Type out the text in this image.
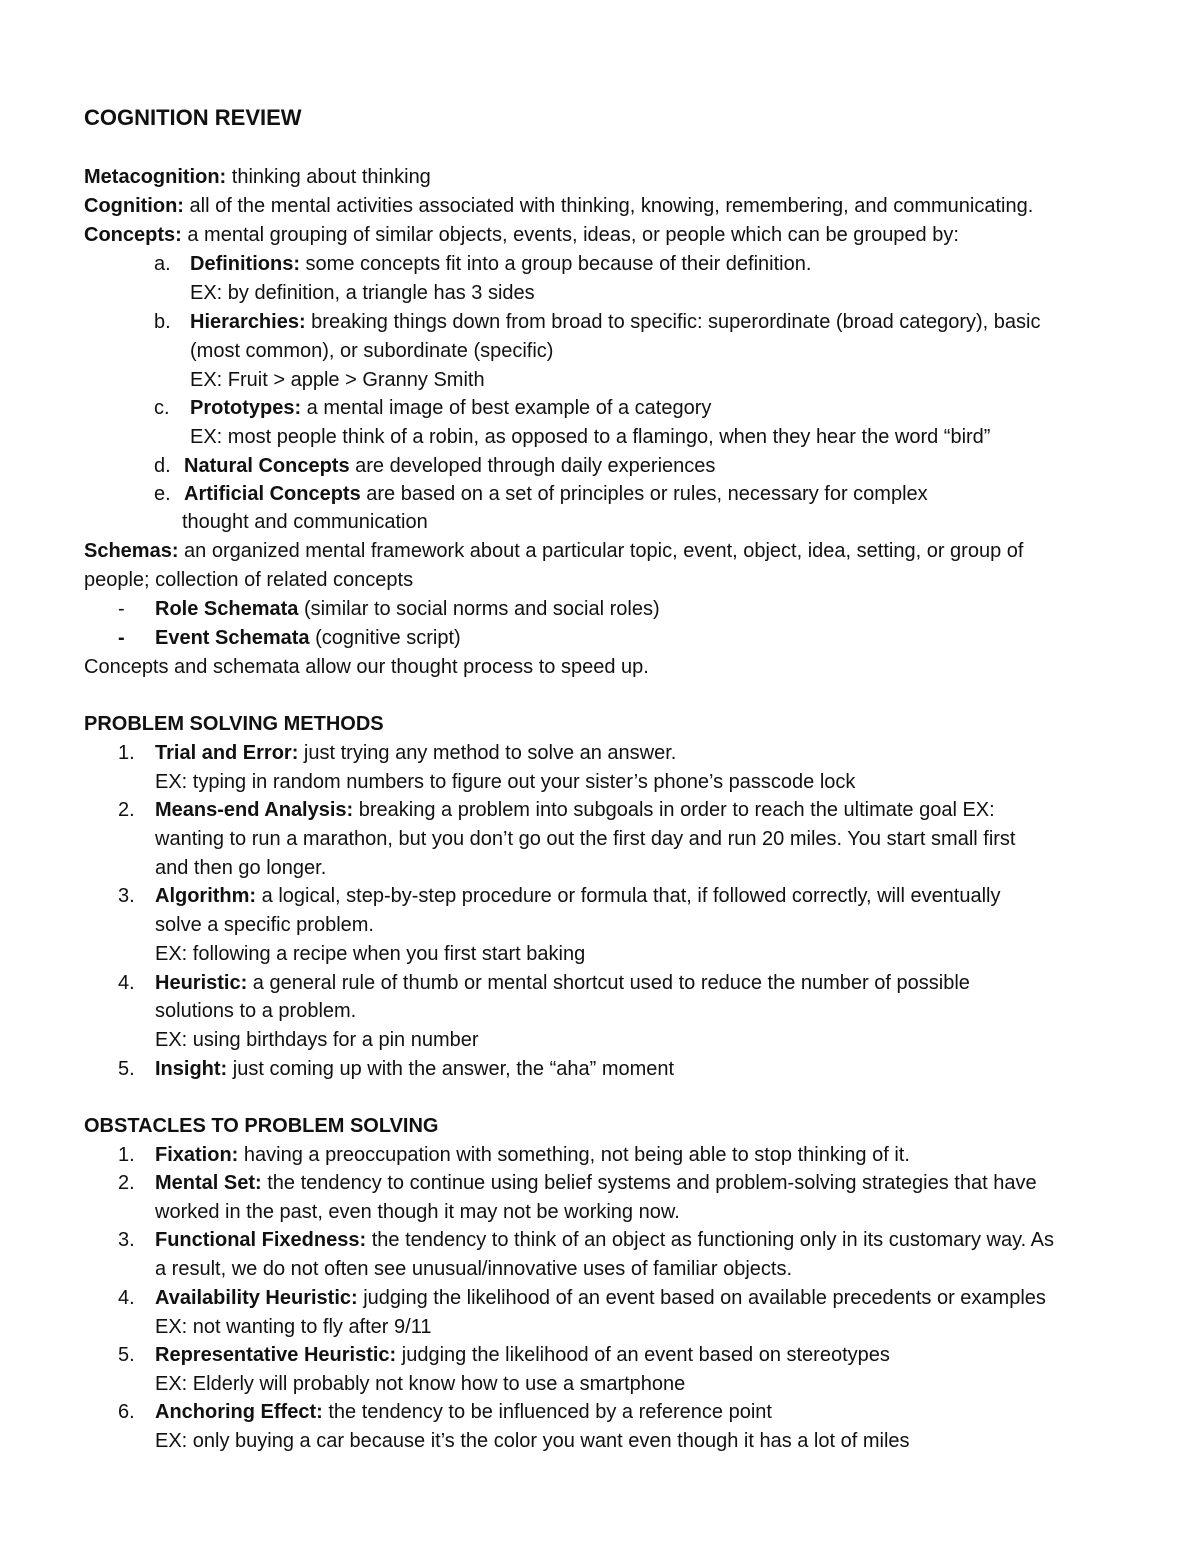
COGNITION REVIEW
Metacognition: thinking about thinking
Cognition: all of the mental activities associated with thinking, knowing, remembering, and communicating.
Concepts: a mental grouping of similar objects, events, ideas, or people which can be grouped by:
a. Definitions: some concepts fit into a group because of their definition.
EX: by definition, a triangle has 3 sides
b. Hierarchies: breaking things down from broad to specific: superordinate (broad category), basic
(most common), or subordinate (specific)
EX: Fruit > apple > Granny Smith
c. Prototypes: a mental image of best example of a category
EX: most people think of a robin, as opposed to a flamingo, when they hear the word “bird”
d. Natural Concepts are developed through daily experiences
e. Artificial Concepts are based on a set of principles or rules, necessary for complex
thought and communication
Schemas: an organized mental framework about a particular topic, event, object, idea, setting, or group of
people; collection of related concepts
- Role Schemata (similar to social norms and social roles)
- Event Schemata (cognitive script)
Concepts and schemata allow our thought process to speed up.
PROBLEM SOLVING METHODS
1. Trial and Error: just trying any method to solve an answer.
EX: typing in random numbers to figure out your sister’s phone’s passcode lock
2. Means-end Analysis: breaking a problem into subgoals in order to reach the ultimate goal EX:
wanting to run a marathon, but you don’t go out the first day and run 20 miles. You start small first
and then go longer.
3. Algorithm: a logical, step-by-step procedure or formula that, if followed correctly, will eventually
solve a specific problem.
EX: following a recipe when you first start baking
4. Heuristic: a general rule of thumb or mental shortcut used to reduce the number of possible
solutions to a problem.
EX: using birthdays for a pin number
5. Insight: just coming up with the answer, the “aha” moment
OBSTACLES TO PROBLEM SOLVING
1. Fixation: having a preoccupation with something, not being able to stop thinking of it.
2. Mental Set: the tendency to continue using belief systems and problem-solving strategies that have
worked in the past, even though it may not be working now.
3. Functional Fixedness: the tendency to think of an object as functioning only in its customary way. As
a result, we do not often see unusual/innovative uses of familiar objects.
4. Availability Heuristic: judging the likelihood of an event based on available precedents or examples
EX: not wanting to fly after 9/11
5. Representative Heuristic: judging the likelihood of an event based on stereotypes
EX: Elderly will probably not know how to use a smartphone
6. Anchoring Effect: the tendency to be influenced by a reference point
EX: only buying a car because it’s the color you want even though it has a lot of miles
